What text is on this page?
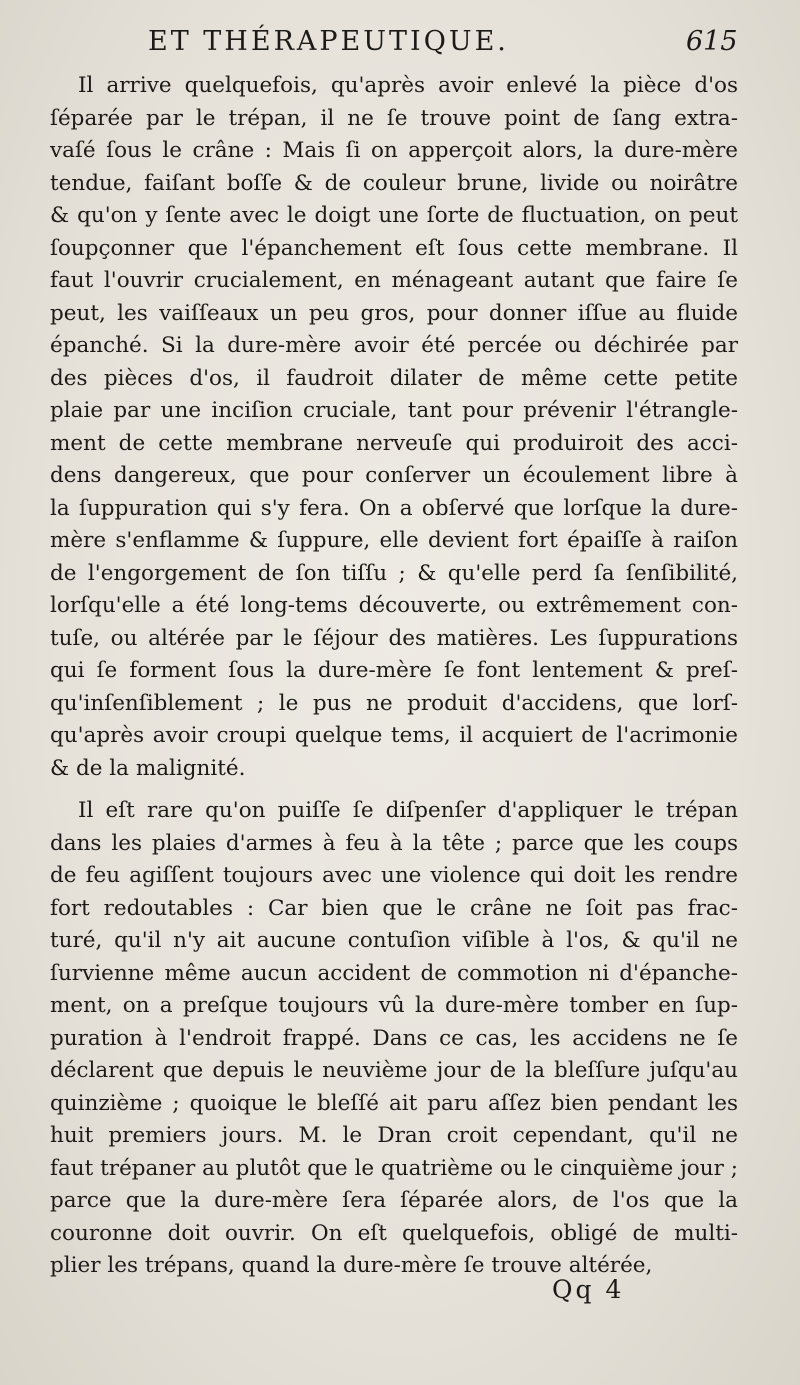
ET THÉRAPEUTIQUE.	615
Il arrive quelquefois, qu'après avoir enlevé la pièce d'os
ſéparée par le trépan, il ne ſe trouve point de ſang extra-
vaſé ſous le crâne : Mais ſi on apperçoit alors, la dure-mère
tendue, faiſant boſſe & de couleur brune, livide ou noirâtre
& qu'on y ſente avec le doigt une ſorte de fluctuation, on peut
ſoupçonner que l'épanchement eſt ſous cette membrane. Il
faut l'ouvrir crucialement, en ménageant autant que faire ſe
peut, les vaiſſeaux un peu gros, pour donner iſſue au fluide
épanché. Si la dure-mère avoir été percée ou déchirée par
des pièces d'os, il faudroit dilater de même cette petite
plaie par une inciſion cruciale, tant pour prévenir l'étrangle-
ment de cette membrane nerveuſe qui produiroit des acci-
dens dangereux, que pour conſerver un écoulement libre à
la ſuppuration qui s'y fera. On a obſervé que lorſque la dure-
mère s'enflamme & ſuppure, elle devient fort épaiſſe à raiſon
de l'engorgement de ſon tiſſu ; & qu'elle perd ſa ſenſibilité,
lorſqu'elle a été long-tems découverte, ou extrêmement con-
tuſe, ou altérée par le ſéjour des matières. Les ſuppurations
qui ſe forment ſous la dure-mère ſe font lentement & preſ-
qu'inſenſiblement ; le pus ne produit d'accidens, que lorſ-
qu'après avoir croupi quelque tems, il acquiert de l'acrimonie
& de la malignité.
Il eſt rare qu'on puiſſe ſe diſpenſer d'appliquer le trépan
dans les plaies d'armes à feu à la tête ; parce que les coups
de feu agiſſent toujours avec une violence qui doit les rendre
fort redoutables : Car bien que le crâne ne ſoit pas frac-
turé, qu'il n'y ait aucune contuſion viſible à l'os, & qu'il ne
ſurvienne même aucun accident de commotion ni d'épanche-
ment, on a preſque toujours vû la dure-mère tomber en ſup-
puration à l'endroit frappé. Dans ce cas, les accidens ne ſe
déclarent que depuis le neuvième jour de la bleſſure juſqu'au
quinzième ; quoique le bleſſé ait paru aſſez bien pendant les
huit premiers jours. M. le Dran croit cependant, qu'il ne
faut trépaner au plutôt que le quatrième ou le cinquième jour ;
parce que la dure-mère ſera ſéparée alors, de l'os que la
couronne doit ouvrir. On eſt quelquefois, obligé de multi-
plier les trépans, quand la dure-mère ſe trouve altérée,
Qq 4
